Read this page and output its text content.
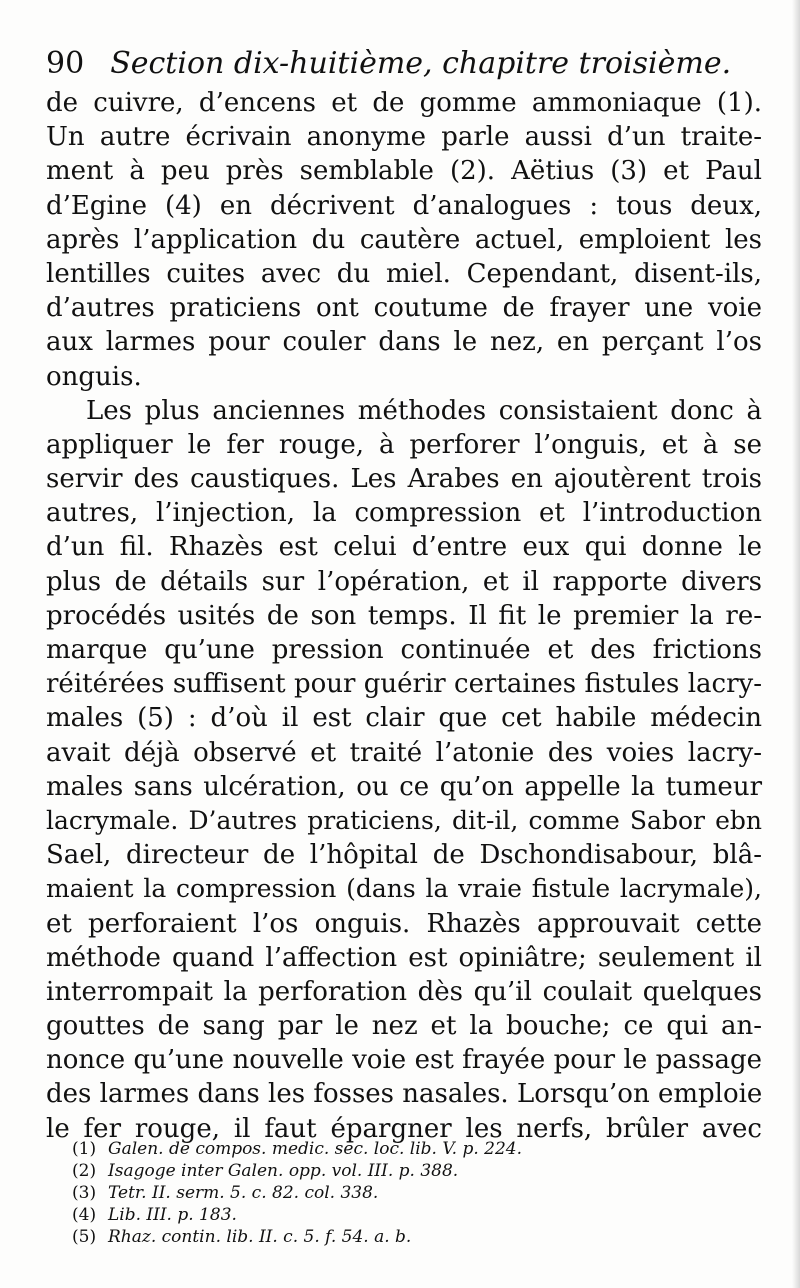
90 Section dix-huitième, chapitre troisième.
de cuivre, d’encens et de gomme ammoniaque (1).
Un autre écrivain anonyme parle aussi d’un traite-
ment à peu près semblable (2). Aëtius (3) et Paul
d’Egine (4) en décrivent d’analogues : tous deux,
après l’application du cautère actuel, emploient les
lentilles cuites avec du miel. Cependant, disent-ils,
d’autres praticiens ont coutume de frayer une voie
aux larmes pour couler dans le nez, en perçant l’os
onguis.
Les plus anciennes méthodes consistaient donc à
appliquer le fer rouge, à perforer l’onguis, et à se
servir des caustiques. Les Arabes en ajoutèrent trois
autres, l’injection, la compression et l’introduction
d’un fil. Rhazès est celui d’entre eux qui donne le
plus de détails sur l’opération, et il rapporte divers
procédés usités de son temps. Il fit le premier la re-
marque qu’une pression continuée et des frictions
réitérées suffisent pour guérir certaines fistules lacry-
males (5) : d’où il est clair que cet habile médecin
avait déjà observé et traité l’atonie des voies lacry-
males sans ulcération, ou ce qu’on appelle la tumeur
lacrymale. D’autres praticiens, dit-il, comme Sabor ebn
Sael, directeur de l’hôpital de Dschondisabour, blâ-
maient la compression (dans la vraie fistule lacrymale),
et perforaient l’os onguis. Rhazès approuvait cette
méthode quand l’affection est opiniâtre; seulement il
interrompait la perforation dès qu’il coulait quelques
gouttes de sang par le nez et la bouche; ce qui an-
nonce qu’une nouvelle voie est frayée pour le passage
des larmes dans les fosses nasales. Lorsqu’on emploie
le fer rouge, il faut épargner les nerfs, brûler avec
(1) Galen. de compos. medic. sec. loc. lib. V. p. 224.
(2) Isagoge inter Galen. opp. vol. III. p. 388.
(3) Tetr. II. serm. 5. c. 82. col. 338.
(4) Lib. III. p. 183.
(5) Rhaz. contin. lib. II. c. 5. f. 54. a. b.
